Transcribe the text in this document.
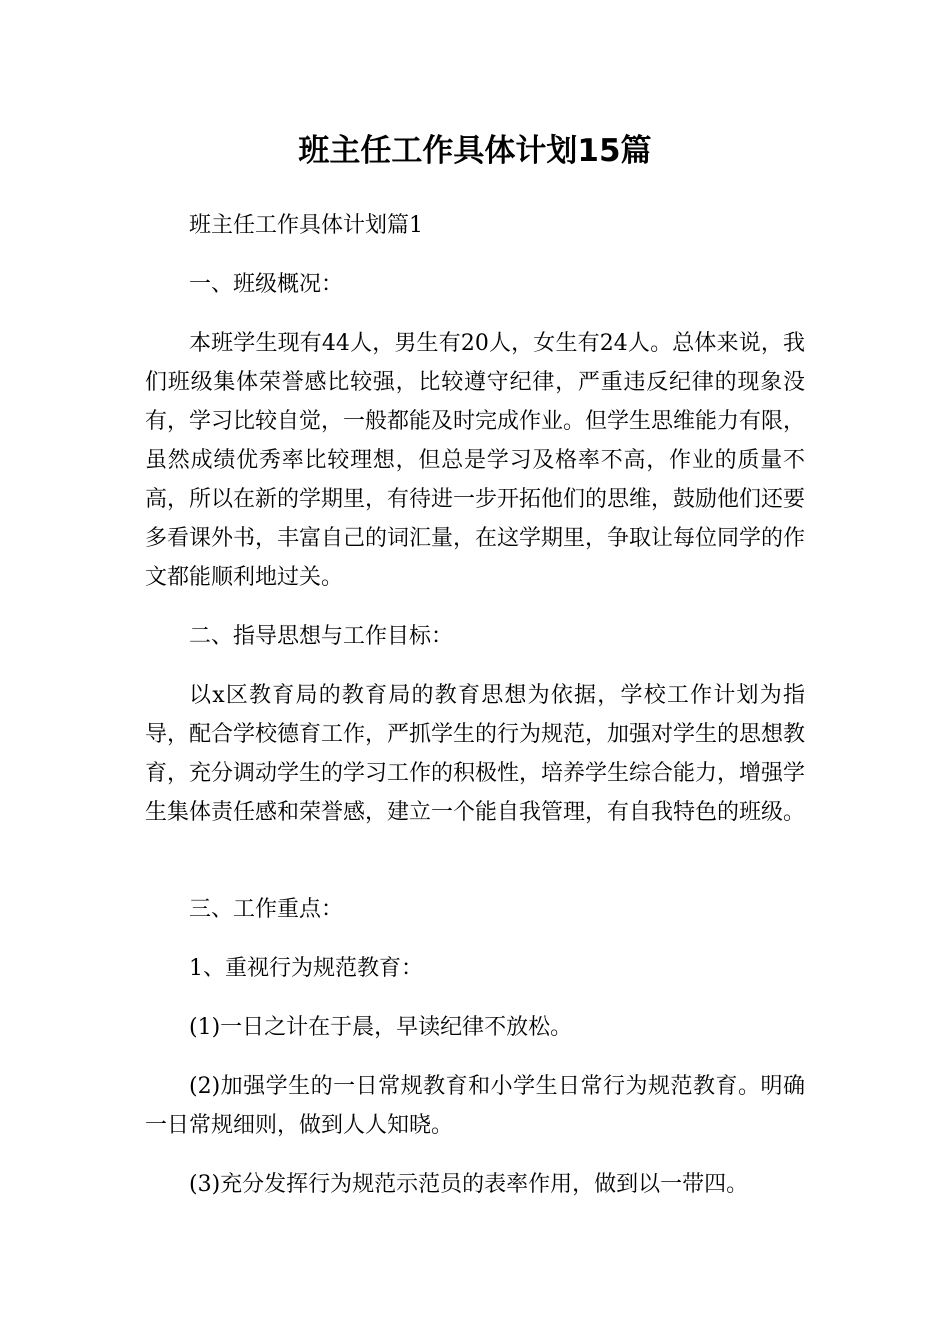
班主任工作具体计划15篇

班主任工作具体计划篇1

一、班级概况：

本班学生现有44人，男生有20人，女生有24人。总体来说，我们班级集体荣誉感比较强，比较遵守纪律，严重违反纪律的现象没有，学习比较自觉，一般都能及时完成作业。但学生思维能力有限，虽然成绩优秀率比较理想，但总是学习及格率不高，作业的质量不高，所以在新的学期里，有待进一步开拓他们的思维，鼓励他们还要多看课外书，丰富自己的词汇量，在这学期里，争取让每位同学的作文都能顺利地过关。

二、指导思想与工作目标：

以x区教育局的教育局的教育思想为依据，学校工作计划为指导，配合学校德育工作，严抓学生的行为规范，加强对学生的思想教育，充分调动学生的学习工作的积极性，培养学生综合能力，增强学生集体责任感和荣誉感，建立一个能自我管理，有自我特色的班级。

三、工作重点：

1、重视行为规范教育：

(1)一日之计在于晨，早读纪律不放松。

(2)加强学生的一日常规教育和小学生日常行为规范教育。明确一日常规细则，做到人人知晓。

(3)充分发挥行为规范示范员的表率作用，做到以一带四。
